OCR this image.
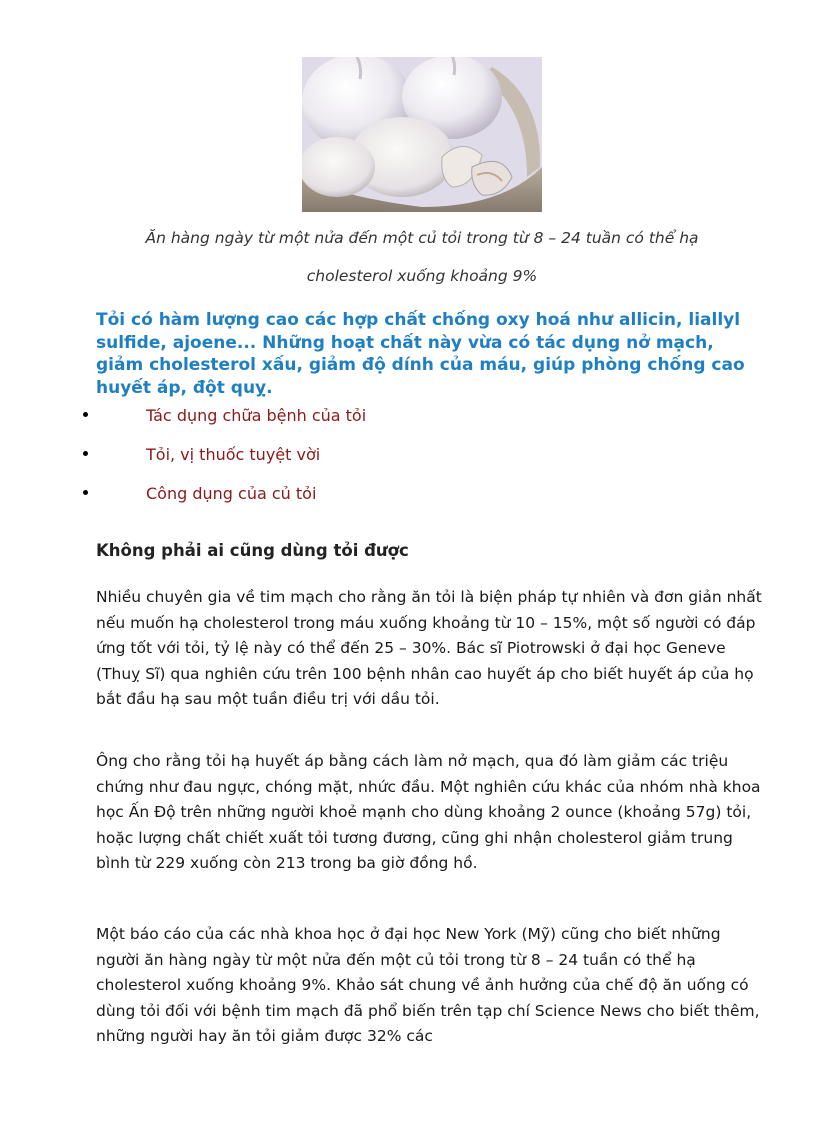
Ăn hàng ngày từ một nửa đến một củ tỏi trong từ 8 – 24 tuần có thể hạ

cholesterol xuống khoảng 9%

Tỏi có hàm lượng cao các hợp chất chống oxy hoá như allicin, liallyl sulfide, ajoene... Những hoạt chất này vừa có tác dụng nở mạch, giảm cholesterol xấu, giảm độ dính của máu, giúp phòng chống cao huyết áp, đột quỵ.

Tác dụng chữa bệnh của tỏi
Tỏi, vị thuốc tuyệt vời
Công dụng của củ tỏi
Không phải ai cũng dùng tỏi được

Nhiều chuyên gia về tim mạch cho rằng ăn tỏi là biện pháp tự nhiên và đơn giản nhất nếu muốn hạ cholesterol trong máu xuống khoảng từ 10 – 15%, một số người có đáp ứng tốt với tỏi, tỷ lệ này có thể đến 25 – 30%. Bác sĩ Piotrowski ở đại học Geneve (Thuỵ Sĩ) qua nghiên cứu trên 100 bệnh nhân cao huyết áp cho biết huyết áp của họ bắt đầu hạ sau một tuần điều trị với dầu tỏi.

Ông cho rằng tỏi hạ huyết áp bằng cách làm nở mạch, qua đó làm giảm các triệu chứng như đau ngực, chóng mặt, nhức đầu. Một nghiên cứu khác của nhóm nhà khoa học Ấn Độ trên những người khoẻ mạnh cho dùng khoảng 2 ounce (khoảng 57g) tỏi, hoặc lượng chất chiết xuất tỏi tương đương, cũng ghi nhận cholesterol giảm trung bình từ 229 xuống còn 213 trong ba giờ đồng hồ.

Một báo cáo của các nhà khoa học ở đại học New York (Mỹ) cũng cho biết những người ăn hàng ngày từ một nửa đến một củ tỏi trong từ 8 – 24 tuần có thể hạ cholesterol xuống khoảng 9%. Khảo sát chung về ảnh hưởng của chế độ ăn uống có dùng tỏi đối với bệnh tim mạch đã phổ biến trên tạp chí Science News cho biết thêm, những người hay ăn tỏi giảm được 32% các
